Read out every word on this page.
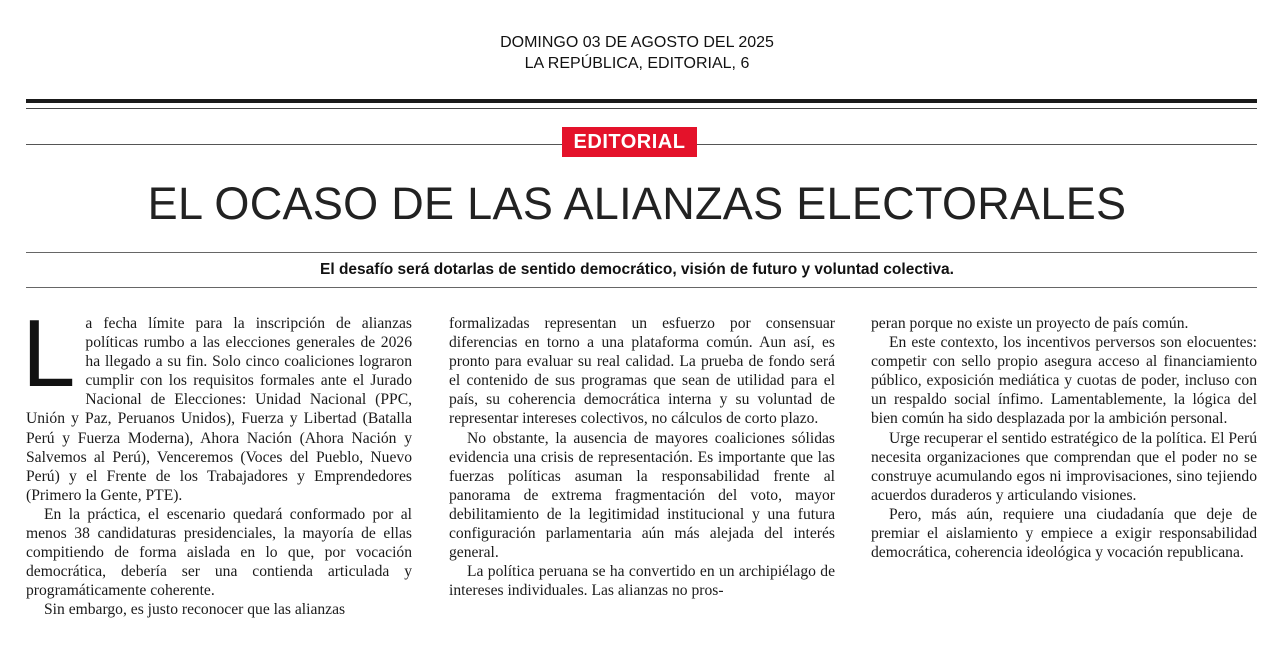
DOMINGO 03 DE AGOSTO DEL 2025
LA REPÚBLICA, EDITORIAL, 6
EDITORIAL
EL OCASO DE LAS ALIANZAS ELECTORALES
El desafío será dotarlas de sentido democrático, visión de futuro y voluntad colectiva.

La fecha límite para la inscripción de alianzas políticas rumbo a las elecciones generales de 2026 ha llegado a su fin. Solo cinco coaliciones lograron cumplir con los requisitos formales ante el Jurado Nacional de Elecciones: Unidad Nacional (PPC, Unión y Paz, Peruanos Unidos), Fuerza y Libertad (Batalla Perú y Fuerza Moderna), Ahora Nación (Ahora Nación y Salvemos al Perú), Venceremos (Voces del Pueblo, Nuevo Perú) y el Frente de los Trabajadores y Emprendedores (Primero la Gente, PTE).

En la práctica, el escenario quedará conformado por al menos 38 candidaturas presidenciales, la mayoría de ellas compitiendo de forma aislada en lo que, por vocación democrática, debería ser una contienda articulada y programáticamente coherente.

Sin embargo, es justo reconocer que las alianzas

formalizadas representan un esfuerzo por consensuar diferencias en torno a una plataforma común. Aun así, es pronto para evaluar su real calidad. La prueba de fondo será el contenido de sus programas que sean de utilidad para el país, su coherencia democrática interna y su voluntad de representar intereses colectivos, no cálculos de corto plazo.

No obstante, la ausencia de mayores coaliciones sólidas evidencia una crisis de representación. Es importante que las fuerzas políticas asuman la responsabilidad frente al panorama de extrema fragmentación del voto, mayor debilitamiento de la legitimidad institucional y una futura configuración parlamentaria aún más alejada del interés general.

La política peruana se ha convertido en un archipiélago de intereses individuales. Las alianzas no pros-

peran porque no existe un proyecto de país común.

En este contexto, los incentivos perversos son elocuentes: competir con sello propio asegura acceso al financiamiento público, exposición mediática y cuotas de poder, incluso con un respaldo social ínfimo. Lamentablemente, la lógica del bien común ha sido desplazada por la ambición personal.

Urge recuperar el sentido estratégico de la política. El Perú necesita organizaciones que comprendan que el poder no se construye acumulando egos ni improvisaciones, sino tejiendo acuerdos duraderos y articulando visiones.

Pero, más aún, requiere una ciudadanía que deje de premiar el aislamiento y empiece a exigir responsabilidad democrática, coherencia ideológica y vocación republicana.
